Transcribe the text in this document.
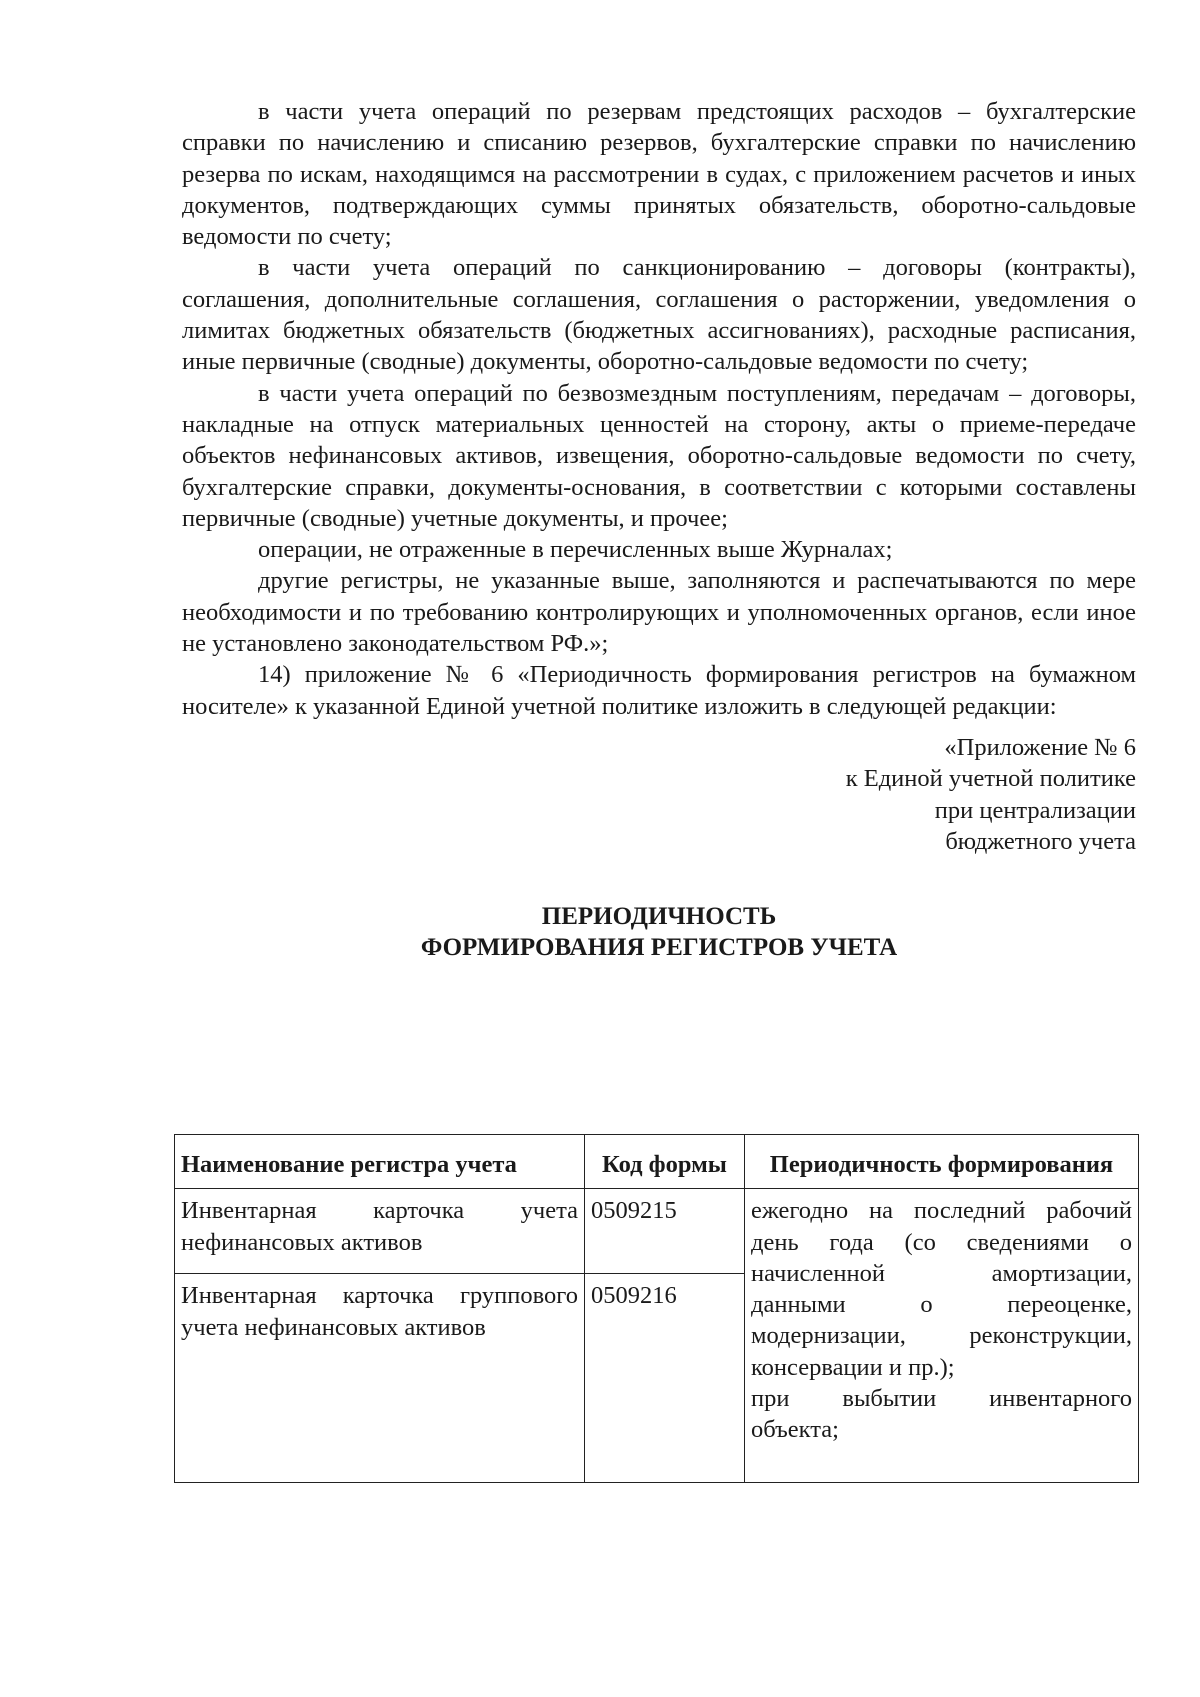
в части учета операций по резервам предстоящих расходов – бухгалтерские справки по начислению и списанию резервов, бухгалтерские справки по начислению резерва по искам, находящимся на рассмотрении в судах, с приложением расчетов и иных документов, подтверждающих суммы принятых обязательств, оборотно-сальдовые ведомости по счету;

в части учета операций по санкционированию – договоры (контракты), соглашения, дополнительные соглашения, соглашения о расторжении, уведомления о лимитах бюджетных обязательств (бюджетных ассигнованиях), расходные расписания, иные первичные (сводные) документы, оборотно-сальдовые ведомости по счету;

в части учета операций по безвозмездным поступлениям, передачам – договоры, накладные на отпуск материальных ценностей на сторону, акты о приеме-передаче объектов нефинансовых активов, извещения, оборотно-сальдовые ведомости по счету, бухгалтерские справки, документы-основания, в соответствии с которыми составлены первичные (сводные) учетные документы, и прочее;

операции, не отраженные в перечисленных выше Журналах;

другие регистры, не указанные выше, заполняются и распечатываются по мере необходимости и по требованию контролирующих и уполномоченных органов, если иное не установлено законодательством РФ.»;

14) приложение № 6 «Периодичность формирования регистров на бумажном носителе» к указанной Единой учетной политике изложить в следующей редакции:

«Приложение № 6
к Единой учетной политике
при централизации
бюджетного учета
ПЕРИОДИЧНОСТЬ
ФОРМИРОВАНИЯ РЕГИСТРОВ УЧЕТА
Наименование регистра учета	Код формы	Периодичность формирования
Инвентарная карточка учета нефинансовых активов	0509215	ежегодно на последний рабочий день года (со сведениями о начисленной амортизации, данными о переоценке, модернизации, реконструкции, консервации и пр.);
при выбытии инвентарного объекта;

Инвентарная карточка группового учета нефинансовых активов	0509216	
